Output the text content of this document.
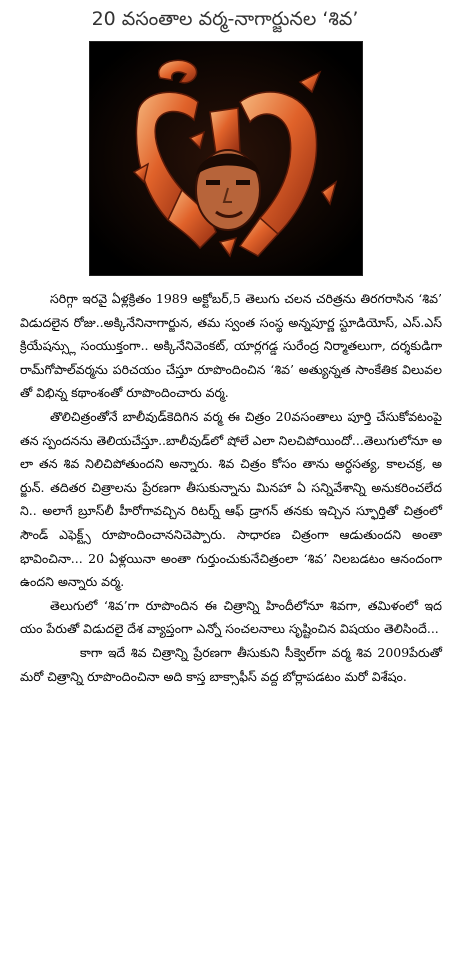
20 వసంతాల వర్మ-నాగార్జునల ‘శివ’

సరిగ్గా ఇరవై ఏళ్లక్రితం 1989 అక్టోబర్,5 తెలుగు చలన చరిత్రను తిరగరాసిన ‘శివ’ విడుదలైన రోజు..అక్కినేనినాగార్జున, తమ స్వంత సంస్థ అన్నపూర్ణ స్టూడియోస్, ఎస్.ఎస్ క్రియేషన్స్లు సంయుక్తంగా.. అక్కినేనివెంకట్, యార్లగడ్డ సురేంద్ర నిర్మాతలుగా, దర్శకుడిగా రామ్‌గోపాల్‌వర్మను పరిచయం చేస్తూ రూపొందించిన ‘శివ’ అత్యున్నత సాంకేతిక విలువలతో విభిన్న కథాంశంతో రూపొందించారు వర్మ.

తొలిచిత్రంతోనే బాలీవుడ్‌కెదిగిన వర్మ ఈ చిత్రం 20వసంతాలు పూర్తి చేసుకోవటంపై తన స్పందనను తెలియచేస్తూ..బాలీవుడ్‌లో షోలే ఎలా నిలచిపోయిందో...తెలుగులోనూ అలా తన శివ నిలిచిపోతుందని అన్నారు. శివ చిత్రం కోసం తాను అర్ధసత్య, కాలచక్ర, అర్జున్. తదితర చిత్రాలను ప్రేరణగా తీసుకున్నాను మినహా ఏ సన్నివేశాన్ని అనుకరించలేదని.. అలాగే బ్రూస్‌లీ హీరోగావచ్చిన రిటర్న్ ఆఫ్ డ్రాగన్ తనకు ఇచ్చిన స్ఫూర్తితో చిత్రంలో సౌండ్ ఎఫెక్ట్స్ రూపొందించానని‌చెప్పారు. సాధారణ చిత్రంగా ఆడుతుందని అంతా భావించినా... 20 ఏళ్లయినా అంతా గుర్తుంచుకునేచిత్రంలా ‘శివ’ నిలబడటం ఆనందంగా ఉందని అన్నారు వర్మ.

తెలుగులో ‘శివ’గా రూపొందిన ఈ చిత్రాన్ని హిందీలోనూ శివగా, తమిళంలో ఇదయం పేరుతో విడుదలై దేశ వ్యాప్తంగా ఎన్నో సంచలనాలు సృష్టించిన విషయం తెలిసిందే...

కాగా ఇదే శివ చిత్రాన్ని ప్రేరణగా తీసుకుని సీక్వెల్‌గా వర్మ శివ 2009పేరుతో మరో చిత్రాన్ని రూపొందించినా అది కాస్త బాక్సాఫీస్ వద్ద బోర్లాపడటం మరో విశేషం.
